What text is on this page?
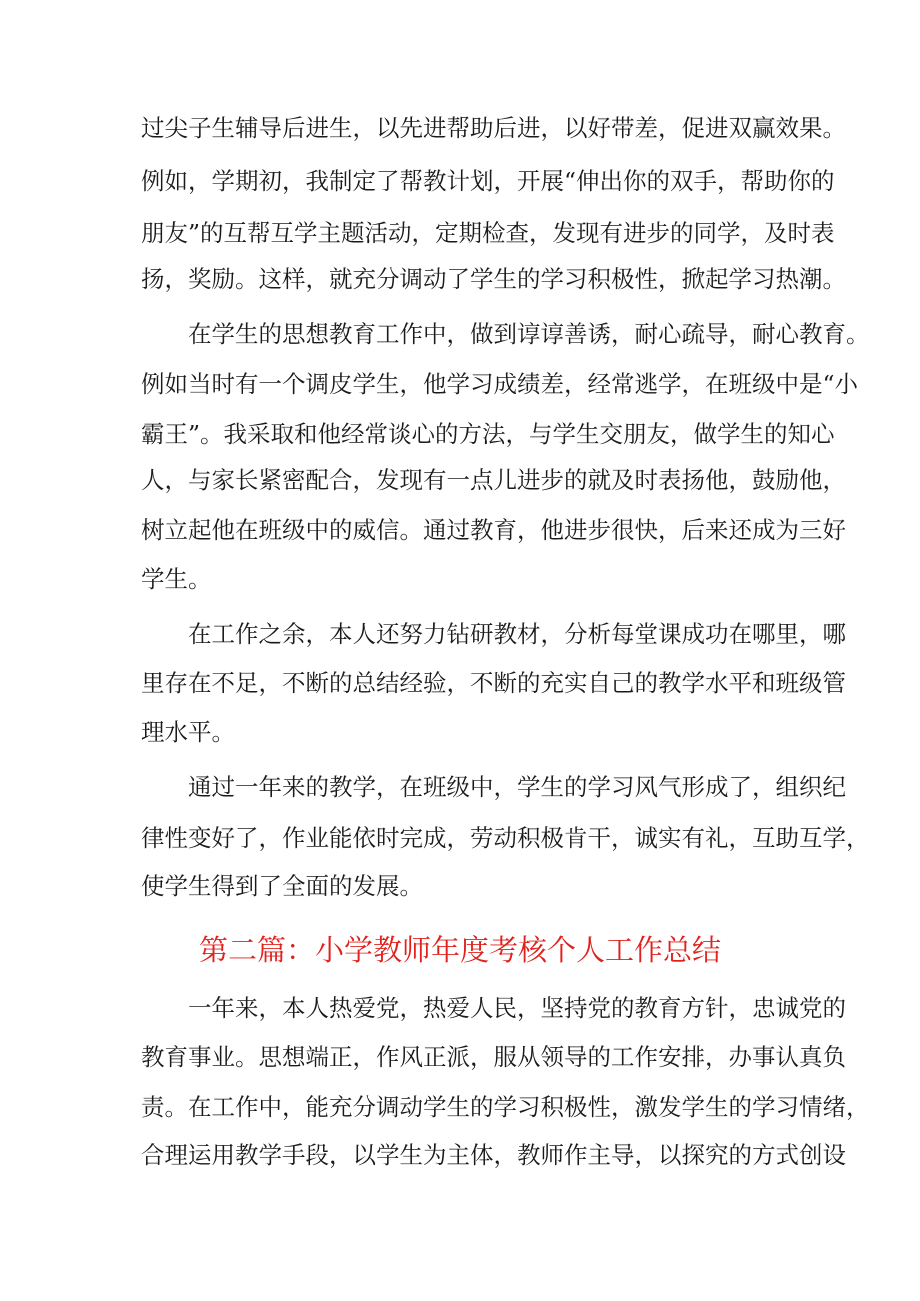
过尖子生辅导后进生，以先进帮助后进，以好带差，促进双赢效果。
例如，学期初，我制定了帮教计划，开展“伸出你的双手，帮助你的
朋友”的互帮互学主题活动，定期检查，发现有进步的同学，及时表
扬，奖励。这样，就充分调动了学生的学习积极性，掀起学习热潮。
在学生的思想教育工作中，做到谆谆善诱，耐心疏导，耐心教育。
例如当时有一个调皮学生，他学习成绩差，经常逃学，在班级中是“小
霸王”。我采取和他经常谈心的方法，与学生交朋友，做学生的知心
人，与家长紧密配合，发现有一点儿进步的就及时表扬他，鼓励他，
树立起他在班级中的威信。通过教育，他进步很快，后来还成为三好
学生。
在工作之余，本人还努力钻研教材，分析每堂课成功在哪里，哪
里存在不足，不断的总结经验，不断的充实自己的教学水平和班级管
理水平。
通过一年来的教学，在班级中，学生的学习风气形成了，组织纪
律性变好了，作业能依时完成，劳动积极肯干，诚实有礼，互助互学，
使学生得到了全面的发展。
第二篇：小学教师年度考核个人工作总结
一年来，本人热爱党，热爱人民，坚持党的教育方针，忠诚党的
教育事业。思想端正，作风正派，服从领导的工作安排，办事认真负
责。在工作中，能充分调动学生的学习积极性，激发学生的学习情绪，
合理运用教学手段，以学生为主体，教师作主导，以探究的方式创设
